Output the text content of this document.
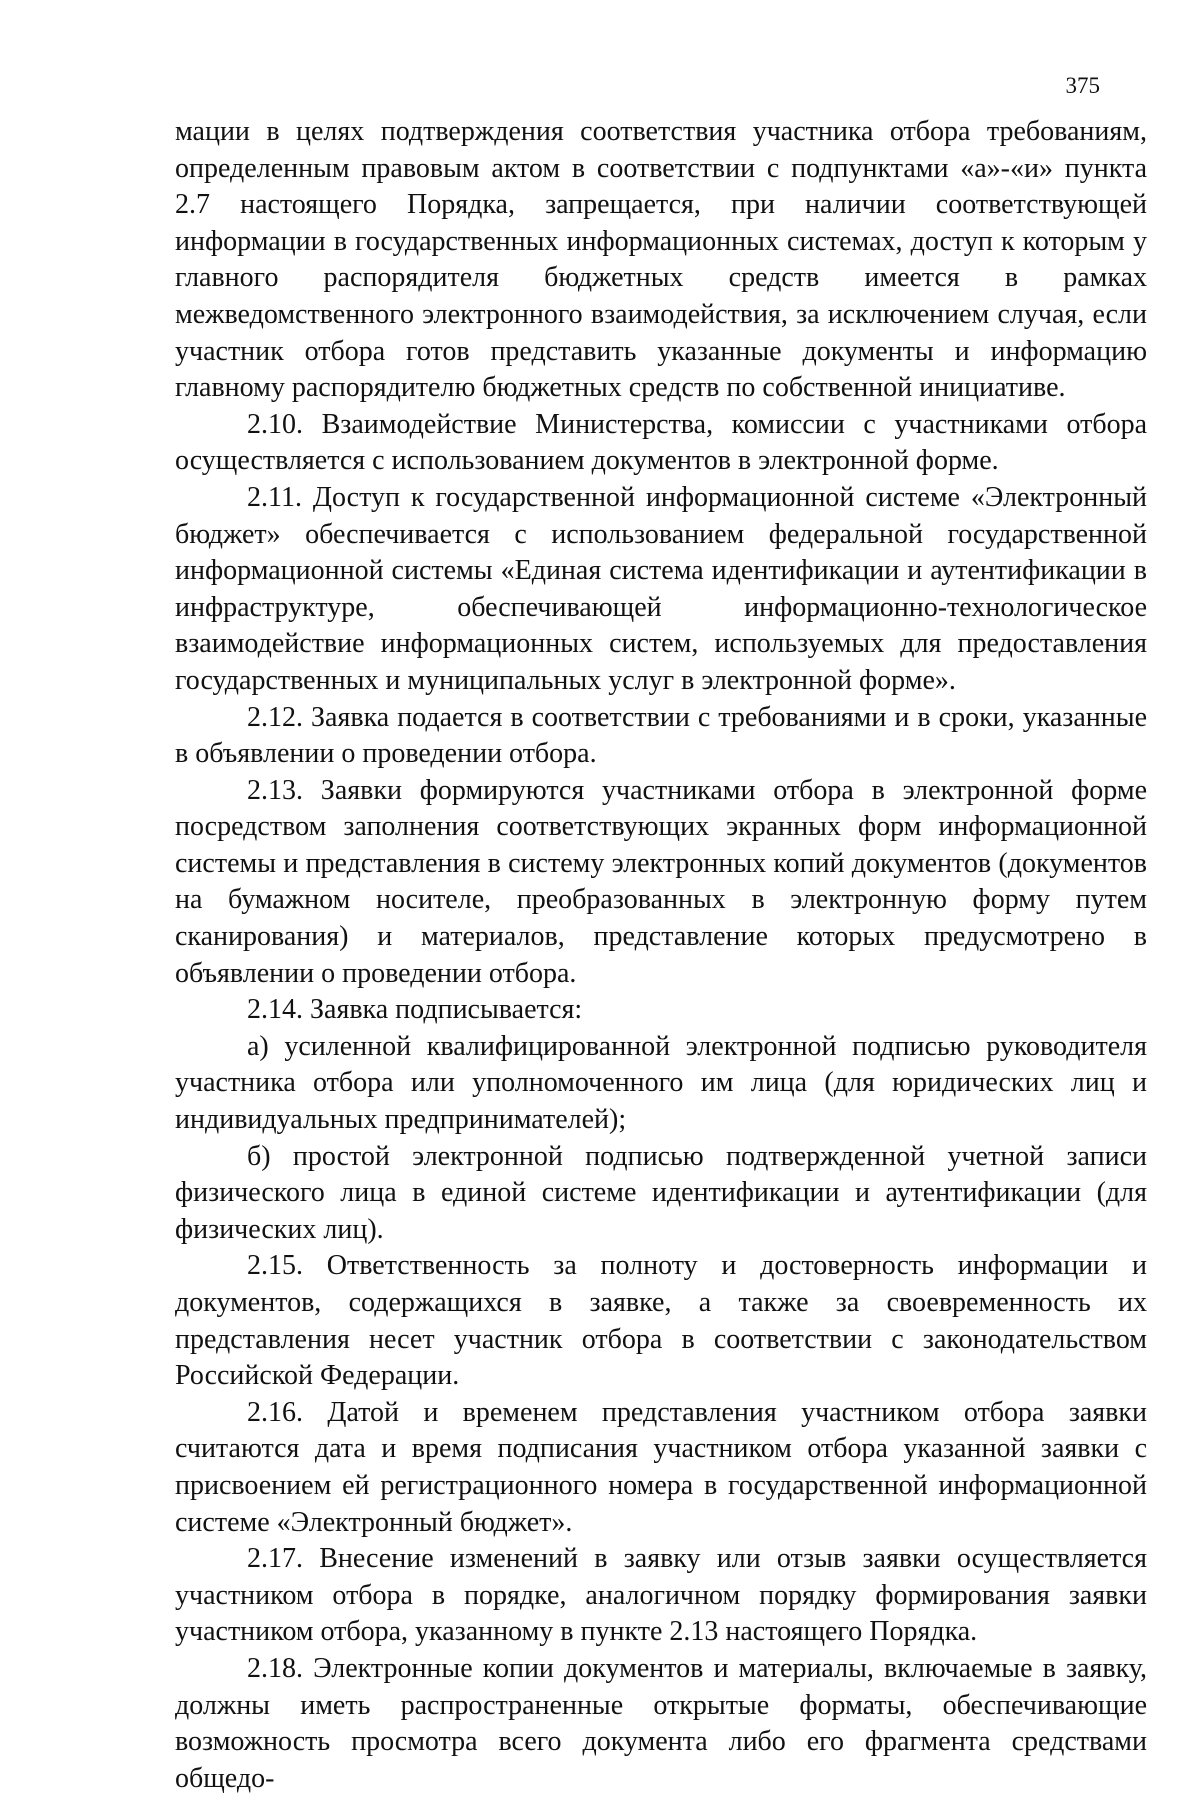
375

мации в целях подтверждения соответствия участника отбора требованиям, определенным правовым актом в соответствии с подпунктами «а»-«и» пункта 2.7 настоящего Порядка, запрещается, при наличии соответствующей информации в государственных информационных системах, доступ к которым у главного распорядителя бюджетных средств имеется в рамках межведомственного электронного взаимодействия, за исключением случая, если участник отбора готов представить указанные документы и информацию главному распорядителю бюджетных средств по собственной инициативе.

2.10. Взаимодействие Министерства, комиссии с участниками отбора осуществляется с использованием документов в электронной форме.

2.11. Доступ к государственной информационной системе «Электронный бюджет» обеспечивается с использованием федеральной государственной информационной системы «Единая система идентификации и аутентификации в инфраструктуре, обеспечивающей информационно-технологическое взаимодействие информационных систем, используемых для предоставления государственных и муниципальных услуг в электронной форме».

2.12. Заявка подается в соответствии с требованиями и в сроки, указанные в объявлении о проведении отбора.

2.13. Заявки формируются участниками отбора в электронной форме посредством заполнения соответствующих экранных форм информационной системы и представления в систему электронных копий документов (документов на бумажном носителе, преобразованных в электронную форму путем сканирования) и материалов, представление которых предусмотрено в объявлении о проведении отбора.

2.14. Заявка подписывается:

а) усиленной квалифицированной электронной подписью руководителя участника отбора или уполномоченного им лица (для юридических лиц и индивидуальных предпринимателей);

б) простой электронной подписью подтвержденной учетной записи физического лица в единой системе идентификации и аутентификации (для физических лиц).

2.15. Ответственность за полноту и достоверность информации и документов, содержащихся в заявке, а также за своевременность их представления несет участник отбора в соответствии с законодательством Российской Федерации.

2.16. Датой и временем представления участником отбора заявки считаются дата и время подписания участником отбора указанной заявки с присвоением ей регистрационного номера в государственной информационной системе «Электронный бюджет».

2.17. Внесение изменений в заявку или отзыв заявки осуществляется участником отбора в порядке, аналогичном порядку формирования заявки участником отбора, указанному в пункте 2.13 настоящего Порядка.

2.18. Электронные копии документов и материалы, включаемые в заявку, должны иметь распространенные открытые форматы, обеспечивающие возможность просмотра всего документа либо его фрагмента средствами общедо-
